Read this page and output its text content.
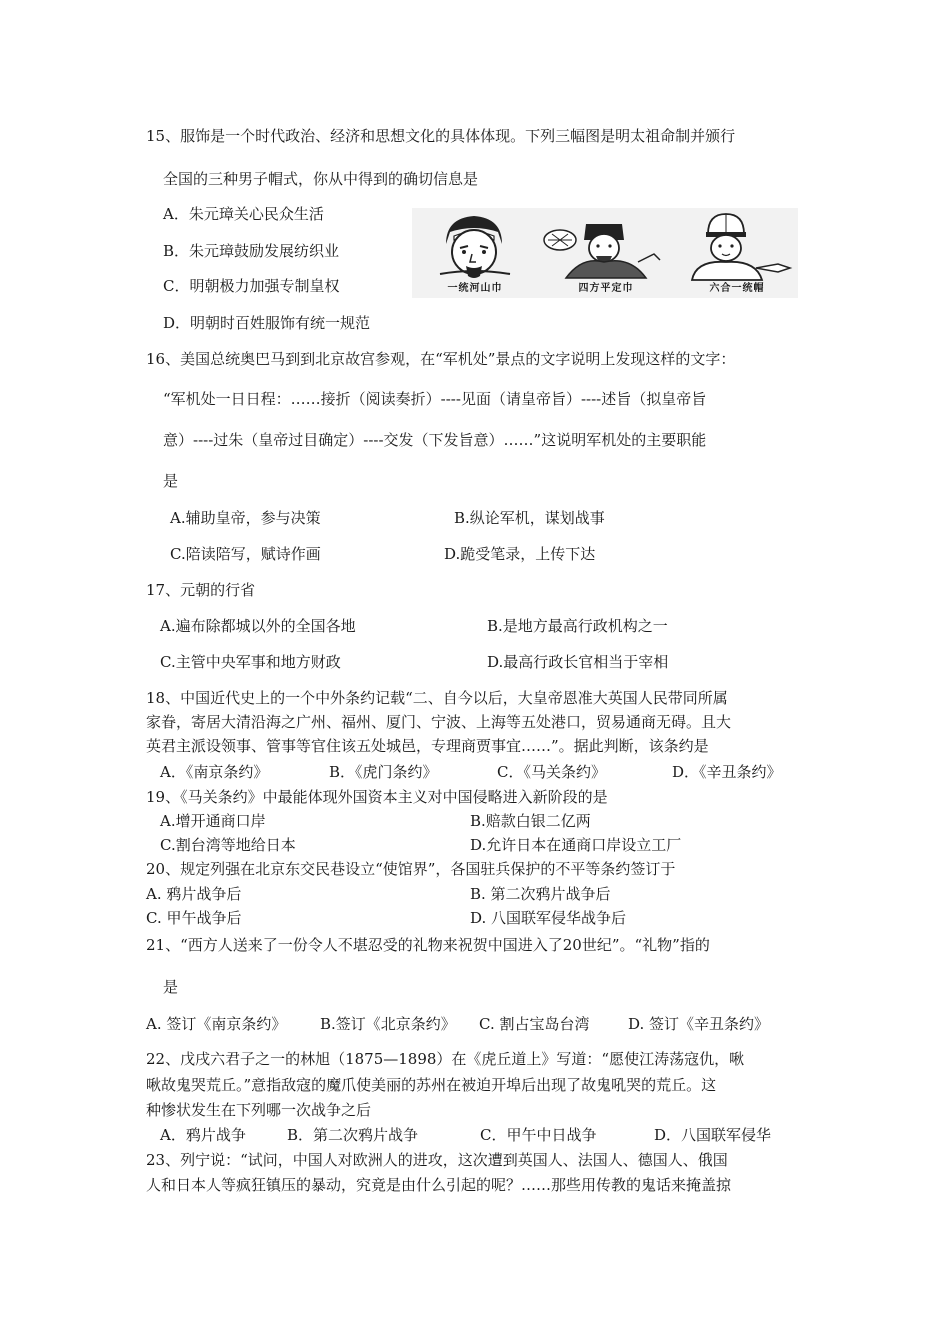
15、服饰是一个时代政治、经济和思想文化的具体体现。下列三幅图是明太祖命制并颁行
全国的三种男子帽式，你从中得到的确切信息是
A．朱元璋关心民众生活
B．朱元璋鼓励发展纺织业
C．明朝极力加强专制皇权
D．明朝时百姓服饰有统一规范
一统河山巾	四方平定巾	六合一统帽
16、美国总统奥巴马到到北京故宫参观，在“军机处”景点的文字说明上发现这样的文字：
“军机处一日日程：……接折（阅读奏折）----见面（请皇帝旨）----述旨（拟皇帝旨
意）----过朱（皇帝过目确定）----交发（下发旨意）……”这说明军机处的主要职能
是
A.辅助皇帝，参与决策	B.纵论军机，谋划战事
C.陪读陪写，赋诗作画	D.跪受笔录，上传下达
17、元朝的行省
A.遍布除都城以外的全国各地	B.是地方最高行政机构之一
C.主管中央军事和地方财政	D.最高行政长官相当于宰相
18、中国近代史上的一个中外条约记载“二、自今以后，大皇帝恩准大英国人民带同所属
家眷，寄居大清沿海之广州、福州、厦门、宁波、上海等五处港口，贸易通商无碍。且大
英君主派设领事、管事等官住该五处城邑，专理商贾事宜……”。据此判断，该条约是
A．《南京条约》	B．《虎门条约》	C．《马关条约》	D．《辛丑条约》
19、《马关条约》中最能体现外国资本主义对中国侵略进入新阶段的是
A.增开通商口岸	B.赔款白银二亿两
C.割台湾等地给日本	D.允许日本在通商口岸设立工厂
20、规定列强在北京东交民巷设立“使馆界”，各国驻兵保护的不平等条约签订于
A. 鸦片战争后	B. 第二次鸦片战争后
C. 甲午战争后	D. 八国联军侵华战争后
21、“西方人送来了一份令人不堪忍受的礼物来祝贺中国进入了20世纪”。“礼物”指的
是
A. 签订《南京条约》 B.签订《北京条约》 C. 割占宝岛台湾	D. 签订《辛丑条约》
22、戊戌六君子之一的林旭（1875—1898）在《虎丘道上》写道：“愿使江涛荡寇仇，啾
啾故鬼哭荒丘。”意指敌寇的魔爪使美丽的苏州在被迫开埠后出现了故鬼吼哭的荒丘。这
种惨状发生在下列哪一次战争之后
A．鸦片战争	B．第二次鸦片战争	C．甲午中日战争	D．八国联军侵华
23、列宁说：“试问，中国人对欧洲人的进攻，这次遭到英国人、法国人、德国人、俄国
人和日本人等疯狂镇压的暴动，究竟是由什么引起的呢？……那些用传教的鬼话来掩盖掠
